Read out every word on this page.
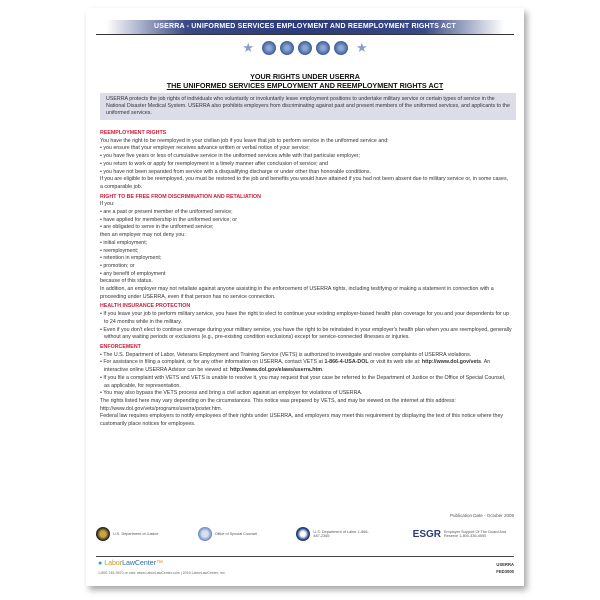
USERRA - UNIFORMED SERVICES EMPLOYMENT AND REEMPLOYMENT RIGHTS ACT
★	★
YOUR RIGHTS UNDER USERRA
THE UNIFORMED SERVICES EMPLOYMENT AND REEMPLOYMENT RIGHTS ACT
USERRA protects the job rights of individuals who voluntarily or involuntarily leave employment positions to undertake military service or certain types of service in the National Disaster Medical System. USERRA also prohibits employers from discriminating against past and present members of the uniformed services, and applicants to the uniformed services.
REEMPLOYMENT RIGHTS
You have the right to be reemployed in your civilian job if you leave that job to perform service in the uniformed service and:
• you ensure that your employer receives advance written or verbal notice of your service;
• you have five years or less of cumulative service in the uniformed services while with that particular employer;
• you return to work or apply for reemployment in a timely manner after conclusion of service; and
• you have not been separated from service with a disqualifying discharge or under other than honorable conditions.
If you are eligible to be reemployed, you must be restored to the job and benefits you would have attained if you had not been absent due to military service or, in some cases, a comparable job.
RIGHT TO BE FREE FROM DISCRIMINATION AND RETALIATION
If you:
• are a past or present member of the uniformed service;
• have applied for membership in the uniformed service; or
• are obligated to serve in the uniformed service;
then an employer may not deny you:
• initial employment;
• reemployment;
• retention in employment;
• promotion; or
• any benefit of employment
because of this status.
In addition, an employer may not retaliate against anyone assisting in the enforcement of USERRA rights, including testifying or making a statement in connection with a proceeding under USERRA, even if that person has no service connection.
HEALTH INSURANCE PROTECTION
• If you leave your job to perform military service, you have the right to elect to continue your existing employer-based health plan coverage for you and your dependents for up to 24 months while in the military.
• Even if you don't elect to continue coverage during your military service, you have the right to be reinstated in your employer's health plan when you are reemployed, generally without any waiting periods or exclusions (e.g., pre-existing condition exclusions) except for service-connected illnesses or injuries.
ENFORCEMENT
• The U.S. Department of Labor, Veterans Employment and Training Service (VETS) is authorized to investigate and resolve complaints of USERRA violations.
• For assistance in filing a complaint, or for any other information on USERRA, contact VETS at 1-866-4-USA-DOL or visit its web site at: http://www.dol.gov/vets. An interactive online USERRA Advisor can be viewed at: http://www.dol.gov/elaws/userra.htm.
• If you file a complaint with VETS and VETS is unable to resolve it, you may request that your case be referred to the Department of Justice or the Office of Special Counsel, as applicable, for representation.
• You may also bypass the VETS process and bring a civil action against an employer for violations of USERRA.
The rights listed here may vary depending on the circumstances. This notice was prepared by VETS, and may be viewed on the internet at this address: http://www.dol.gov/vets/programs/userra/poster.htm.
Federal law requires employers to notify employees of their rights under USERRA, and employers may meet this requirement by displaying the text of this notice where they customarily place notices for employees.
Publication Date - October 2008
U.S. Department of Justice	Office of Special Counsel	U.S. Department of Labor 1-866-487-2365	ESGR Employer Support Of The Guard And Reserve 1-800-336-4590
● LaborLawCenter™
1-800-745-9970 or visit: www.LaborLawCenter.com | 2016 LaborLawCenter, Inc.
USERRA
FED3000
